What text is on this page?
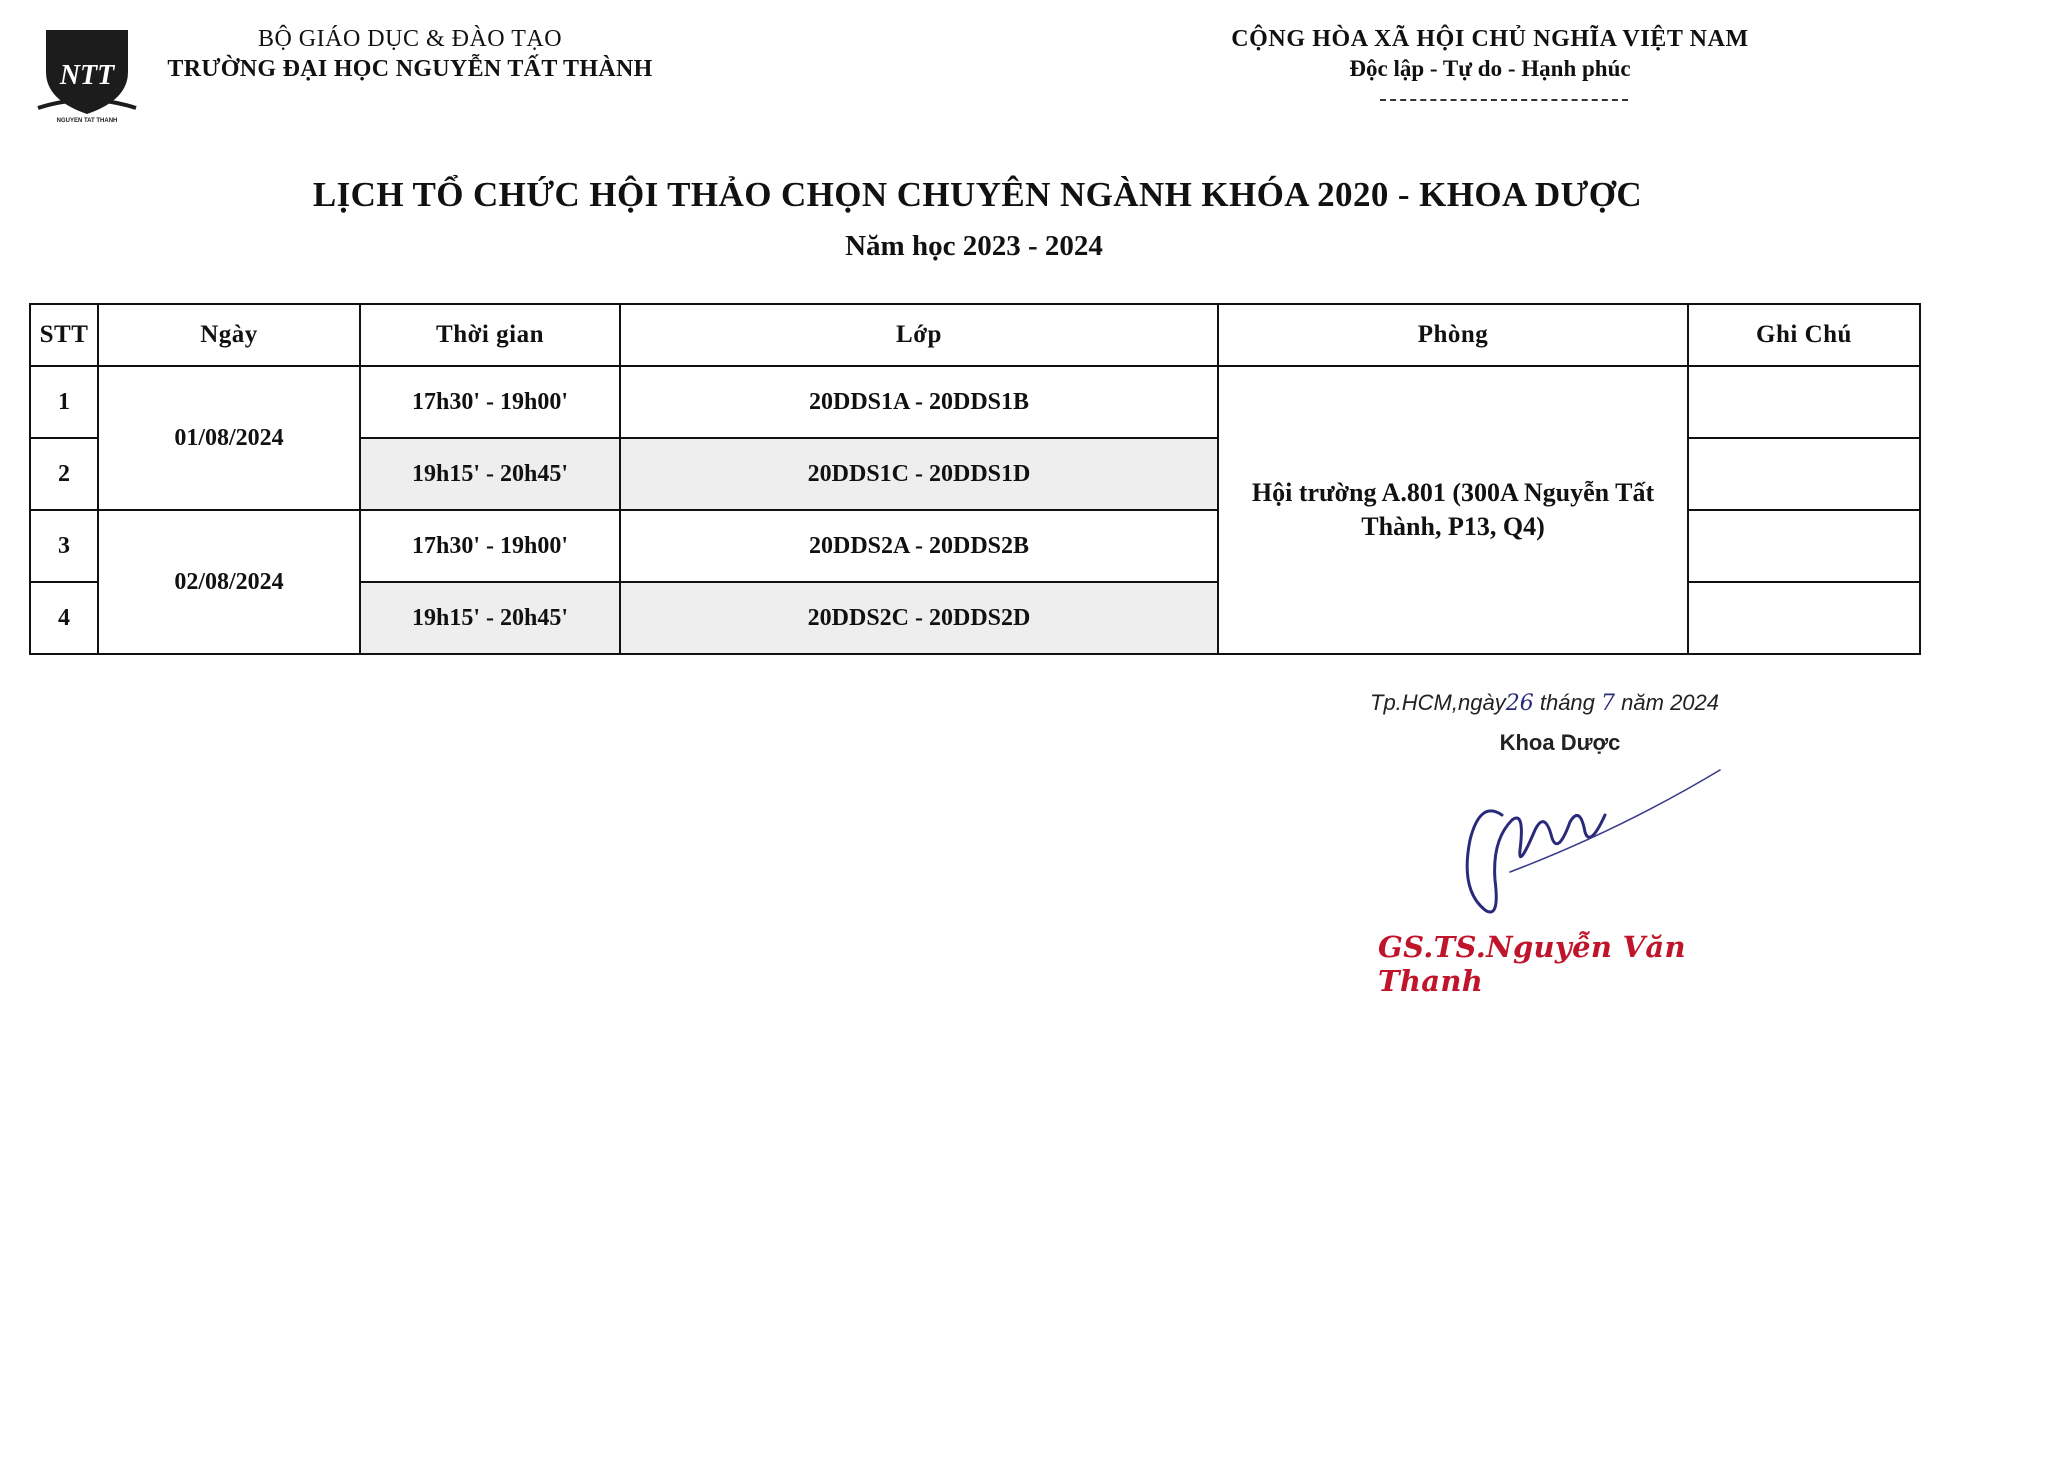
NTT
NGUYEN TAT THANH
BỘ GIÁO DỤC & ĐÀO TẠO
TRƯỜNG ĐẠI HỌC NGUYỄN TẤT THÀNH
CỘNG HÒA XÃ HỘI CHỦ NGHĨA VIỆT NAM
Độc lập - Tự do - Hạnh phúc
LỊCH TỔ CHỨC HỘI THẢO CHỌN CHUYÊN NGÀNH KHÓA 2020 - KHOA DƯỢC
Năm học 2023 - 2024
STT	Ngày	Thời gian	Lớp	Phòng	Ghi Chú
1	01/08/2024	17h30' - 19h00'	20DDS1A - 20DDS1B	Hội trường A.801 (300A Nguyễn Tất Thành, P13, Q4)	
2		19h15' - 20h45'	20DDS1C - 20DDS1D		
3	02/08/2024	17h30' - 19h00'	20DDS2A - 20DDS2B		
4		19h15' - 20h45'	20DDS2C - 20DDS2D		
Tp.HCM,ngày26 tháng 7 năm 2024
Khoa Dược
GS.TS.Nguyễn Văn Thanh
